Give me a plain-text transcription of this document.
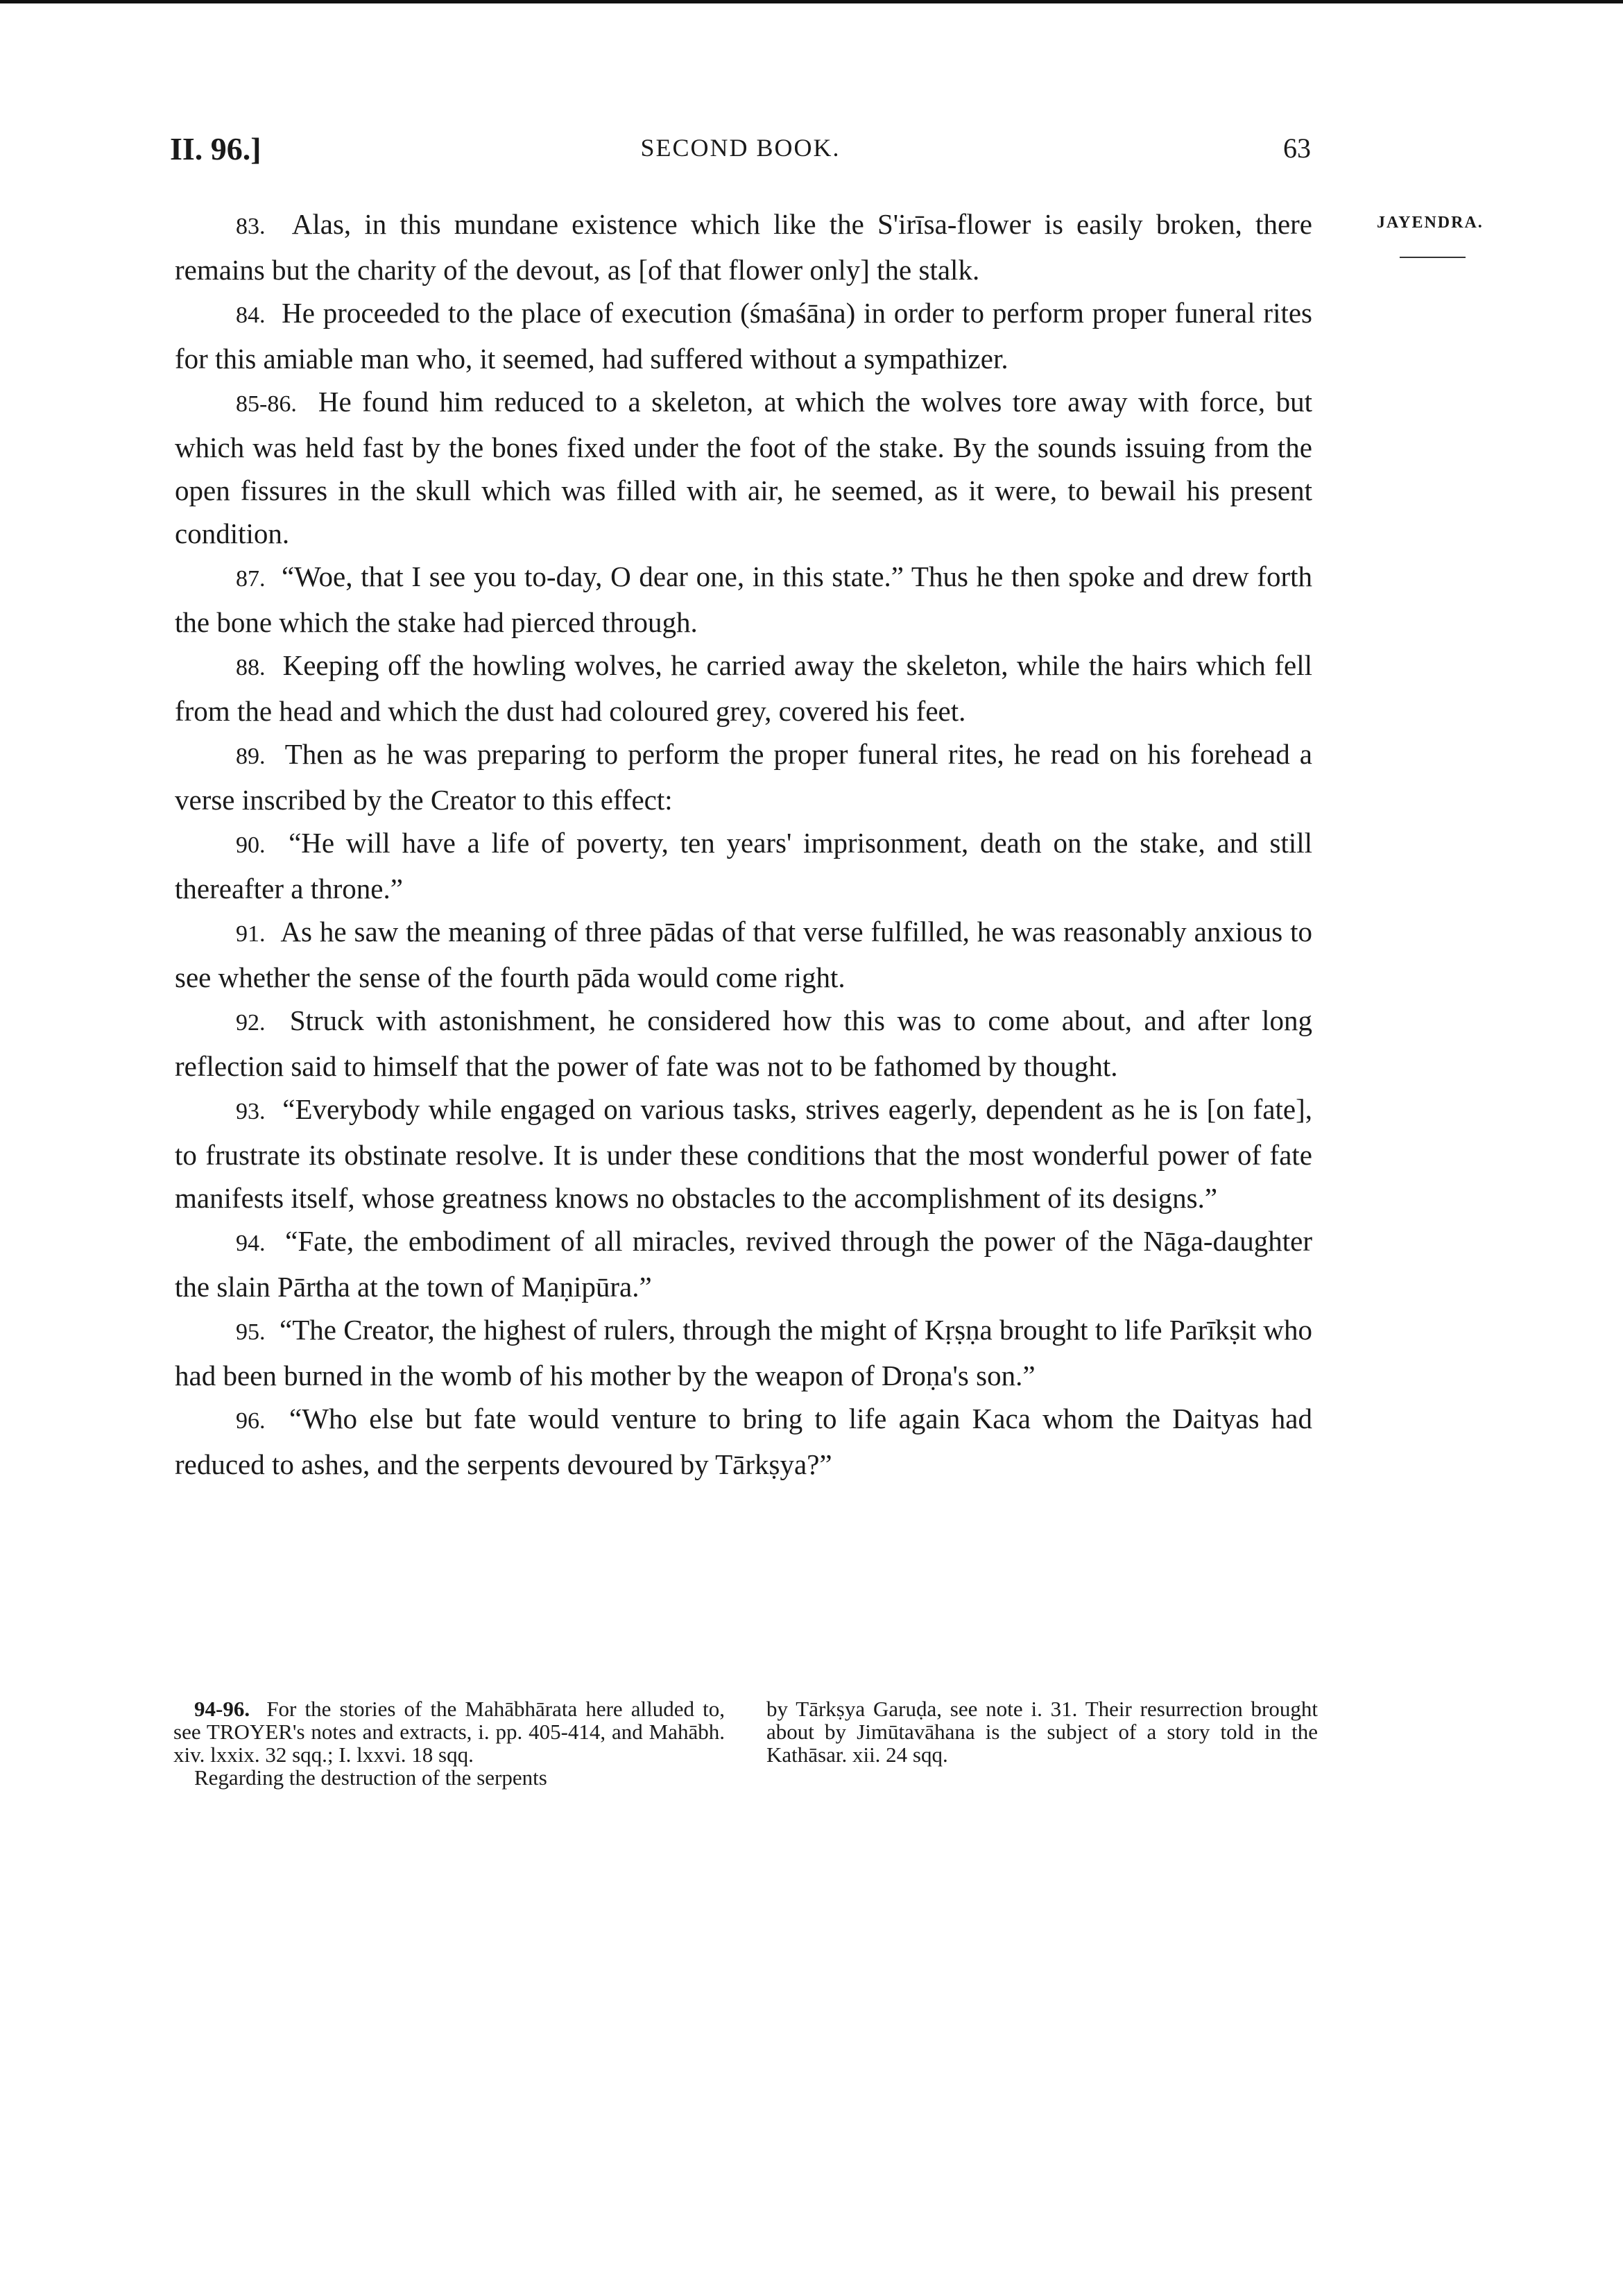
II. 96.]	SECOND BOOK.	63
JAYENDRA.

83. Alas, in this mundane existence which like the S'irīsa-flower is easily broken, there remains but the charity of the devout, as [of that flower only] the stalk.

84. He proceeded to the place of execution (śmaśāna) in order to perform proper funeral rites for this amiable man who, it seemed, had suffered without a sympathizer.

85-86. He found him reduced to a skeleton, at which the wolves tore away with force, but which was held fast by the bones fixed under the foot of the stake. By the sounds issuing from the open fissures in the skull which was filled with air, he seemed, as it were, to bewail his present condition.

87. “Woe, that I see you to-day, O dear one, in this state.” Thus he then spoke and drew forth the bone which the stake had pierced through.

88. Keeping off the howling wolves, he carried away the skeleton, while the hairs which fell from the head and which the dust had coloured grey, covered his feet.

89. Then as he was preparing to perform the proper funeral rites, he read on his forehead a verse inscribed by the Creator to this effect:

90. “He will have a life of poverty, ten years' imprisonment, death on the stake, and still thereafter a throne.”

91. As he saw the meaning of three pādas of that verse fulfilled, he was reasonably anxious to see whether the sense of the fourth pāda would come right.

92. Struck with astonishment, he considered how this was to come about, and after long reflection said to himself that the power of fate was not to be fathomed by thought.

93. “Everybody while engaged on various tasks, strives eagerly, dependent as he is [on fate], to frustrate its obstinate resolve. It is under these conditions that the most wonderful power of fate manifests itself, whose greatness knows no obstacles to the accomplishment of its designs.”

94. “Fate, the embodiment of all miracles, revived through the power of the Nāga-daughter the slain Pārtha at the town of Maṇipūra.”

95. “The Creator, the highest of rulers, through the might of Kṛṣṇa brought to life Parīkṣit who had been burned in the womb of his mother by the weapon of Droṇa's son.”

96. “Who else but fate would venture to bring to life again Kaca whom the Daityas had reduced to ashes, and the serpents devoured by Tārkṣya?”

94-96. For the stories of the Mahābhārata here alluded to, see TROYER's notes and extracts, i. pp. 405-414, and Mahābh. xiv. lxxix. 32 sqq.; I. lxxvi. 18 sqq.

Regarding the destruction of the serpents

by Tārkṣya Garuḍa, see note i. 31. Their resurrection brought about by Jimūtavāhana is the subject of a story told in the Kathāsar. xii. 24 sqq.
